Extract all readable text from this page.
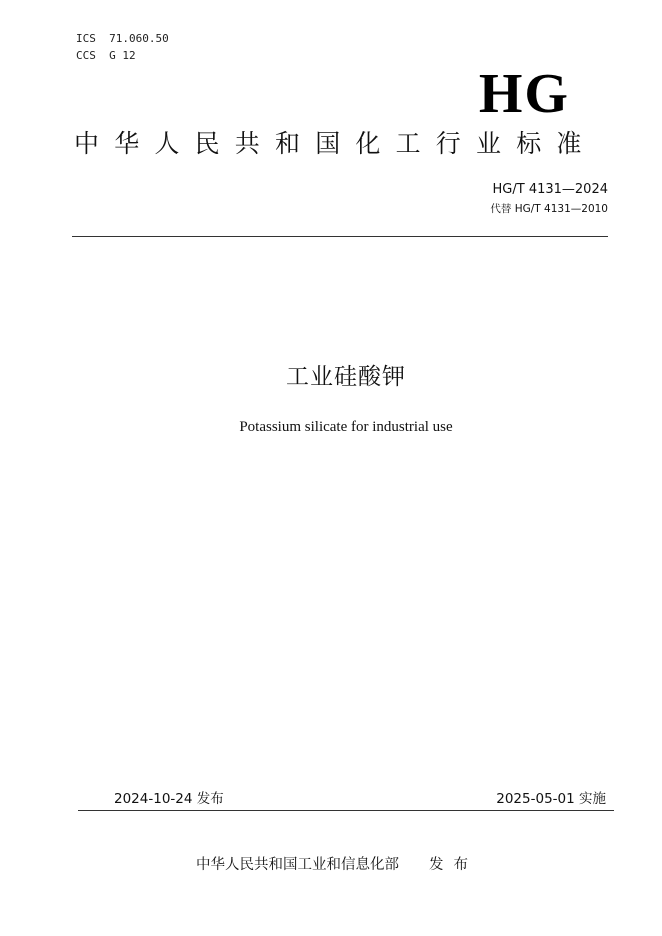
ICS  71.060.50
CCS  G 12
HG
中华人民共和国化工行业标准
HG/T 4131—2024
代替 HG/T 4131—2010
工业硅酸钾
Potassium silicate for industrial use
2024-10-24 发布	2025-05-01 实施
中华人民共和国工业和信息化部 发布
